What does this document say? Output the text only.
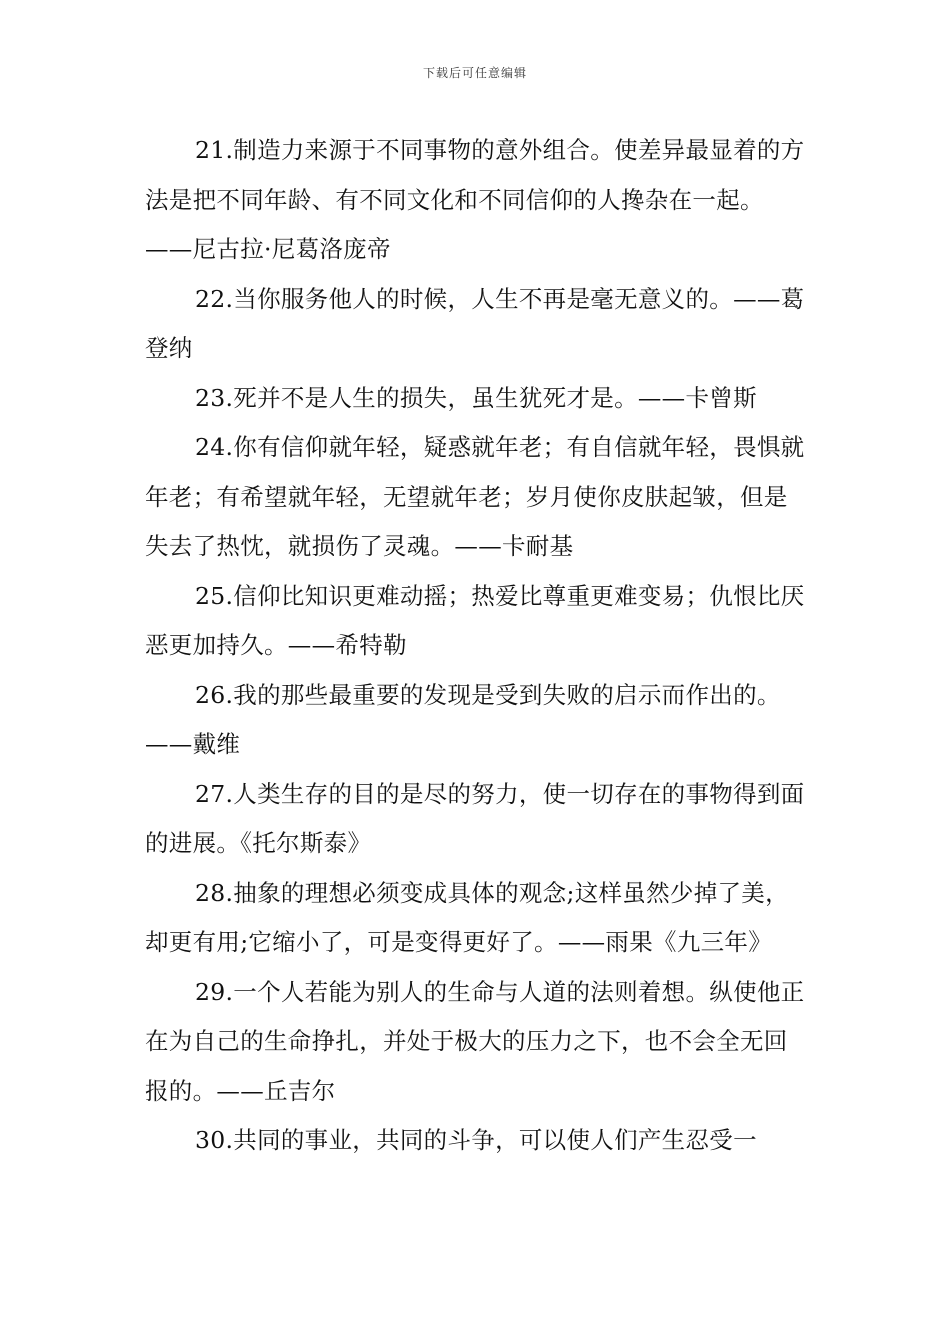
下载后可任意编辑

21.制造力来源于不同事物的意外组合。使差异最显着的方法是把不同年龄、有不同文化和不同信仰的人搀杂在一起。——尼古拉·尼葛洛庞帝

22.当你服务他人的时候，人生不再是毫无意义的。——葛登纳

23.死并不是人生的损失，虽生犹死才是。——卡曾斯

24.你有信仰就年轻，疑惑就年老；有自信就年轻，畏惧就年老；有希望就年轻，无望就年老；岁月使你皮肤起皱，但是失去了热忱，就损伤了灵魂。——卡耐基

25.信仰比知识更难动摇；热爱比尊重更难变易；仇恨比厌恶更加持久。——希特勒

26.我的那些最重要的发现是受到失败的启示而作出的。——戴维

27.人类生存的目的是尽的努力，使一切存在的事物得到面的进展。《托尔斯泰》

28.抽象的理想必须变成具体的观念;这样虽然少掉了美，却更有用;它缩小了，可是变得更好了。——雨果《九三年》

29.一个人若能为别人的生命与人道的法则着想。纵使他正在为自己的生命挣扎，并处于极大的压力之下，也不会全无回报的。——丘吉尔

30.共同的事业，共同的斗争，可以使人们产生忍受一
